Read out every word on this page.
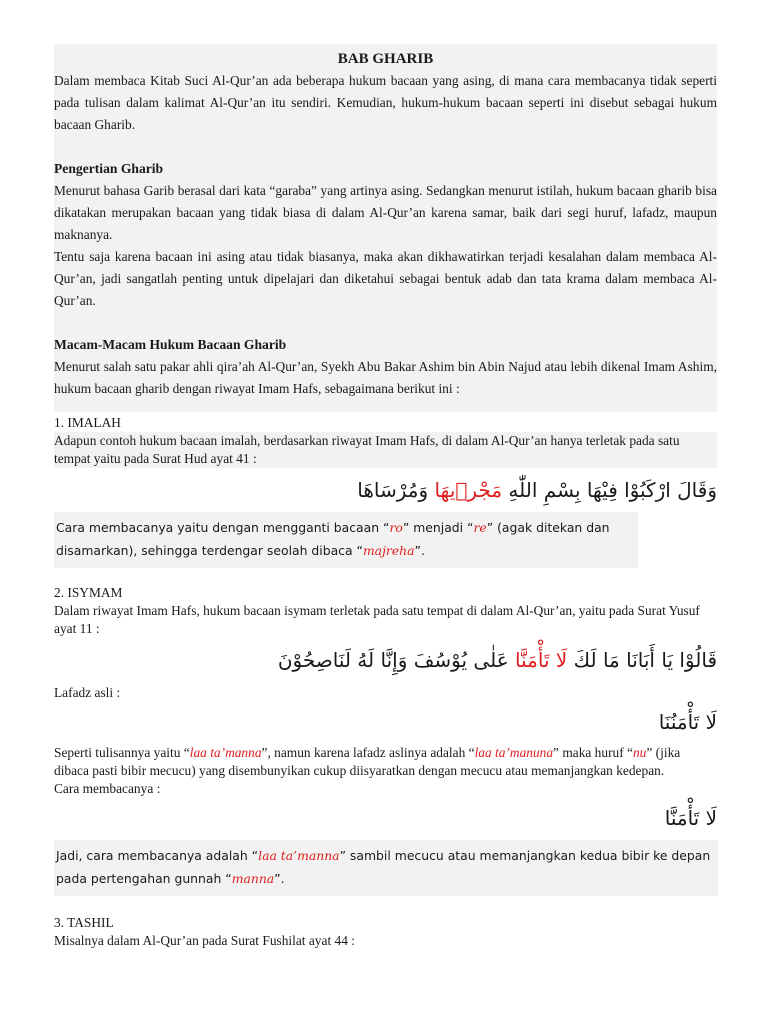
BAB GHARIB

Dalam membaca Kitab Suci Al-Qur’an ada beberapa hukum bacaan yang asing, di mana cara membacanya tidak seperti pada tulisan dalam kalimat Al-Qur’an itu sendiri. Kemudian, hukum-hukum bacaan seperti ini disebut sebagai hukum bacaan Gharib.

Pengertian Gharib

Menurut bahasa Garib berasal dari kata “garaba” yang artinya asing. Sedangkan menurut istilah, hukum bacaan gharib bisa dikatakan merupakan bacaan yang tidak biasa di dalam Al-Qur’an karena samar, baik dari segi huruf, lafadz, maupun maknanya.

Tentu saja karena bacaan ini asing atau tidak biasanya, maka akan dikhawatirkan terjadi kesalahan dalam membaca Al-Qur’an, jadi sangatlah penting untuk dipelajari dan diketahui sebagai bentuk adab dan tata krama dalam membaca Al-Qur’an.

Macam-Macam Hukum Bacaan Gharib

Menurut salah satu pakar ahli qira’ah Al-Qur’an, Syekh Abu Bakar Ashim bin Abin Najud atau lebih dikenal Imam Ashim, hukum bacaan gharib dengan riwayat Imam Hafs, sebagaimana berikut ini :

1. IMALAH

Adapun contoh hukum bacaan imalah, berdasarkan riwayat Imam Hafs, di dalam Al-Qur’an hanya terletak pada satu tempat yaitu pada Surat Hud ayat 41 :

وَقَالَ ارْكَبُوْا فِيْهَا بِسْمِ اللّٰهِ مَجْرٖيهَا وَمُرْسَاهَا

Cara membacanya yaitu dengan mengganti bacaan “ro” menjadi “re” (agak ditekan dan disamarkan), sehingga terdengar seolah dibaca “majreha”.
2. ISYMAM

Dalam riwayat Imam Hafs, hukum bacaan isymam terletak pada satu tempat di dalam Al-Qur’an, yaitu pada Surat Yusuf ayat 11 :

قَالُوْا يَا أَبَانَا مَا لَكَ لَا تَأْمَنَّا عَلٰى يُوْسُفَ وَإِنَّا لَهُ لَنَاصِحُوْنَ

Lafadz asli :

لَا تَأْمَنُنَا

Seperti tulisannya yaitu “laa ta’manna”, namun karena lafadz aslinya adalah “laa ta’manuna” maka huruf “nu” (jika dibaca pasti bibir mecucu) yang disembunyikan cukup diisyaratkan dengan mecucu atau memanjangkan kedepan.

Cara membacanya :

لَا تَأْمَنَّا

Jadi, cara membacanya adalah “laa ta’manna” sambil mecucu atau memanjangkan kedua bibir ke depan pada pertengahan gunnah “manna”.
3. TASHIL

Misalnya dalam Al-Qur’an pada Surat Fushilat ayat 44 :
